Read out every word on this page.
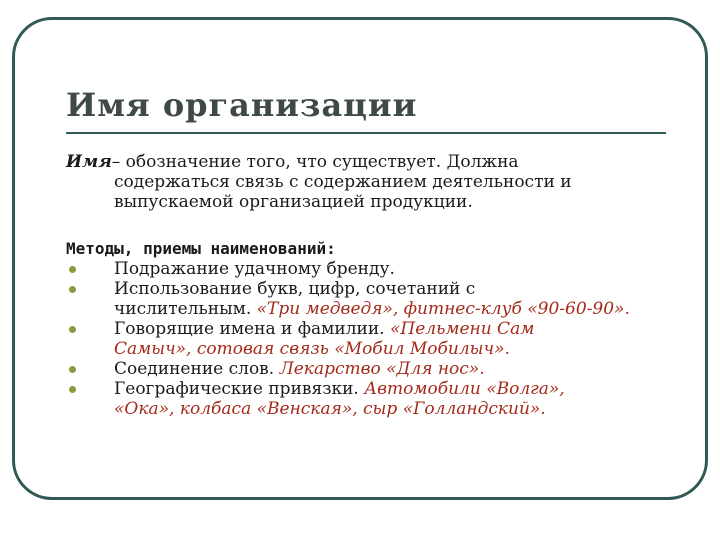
Имя организации
Имя– обозначение того, что существует. Должна
содержаться связь с содержанием деятельности и
выпускаемой организацией продукции.
Методы, приемы наименований:
Подражание удачному бренду.
Использование букв, цифр, сочетаний с
числительным. «Три медведя», фитнес-клуб «90-60-90».
Говорящие имена и фамилии. «Пельмени Сам
Самыч», сотовая связь «Мобил Мобилыч».
Соединение слов. Лекарство «Для нос».
Географические привязки. Автомобили «Волга»,
«Ока», колбаса «Венская», сыр «Голландский».
